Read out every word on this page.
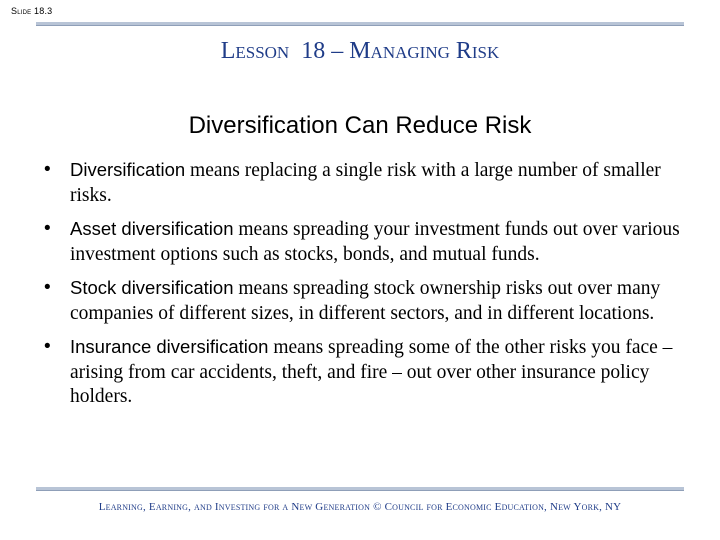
Slide 18.3
Lesson  18 – Managing Risk
Diversification Can Reduce Risk
• Diversification means replacing a single risk with a large number of smaller risks.
• Asset diversification means spreading your investment funds out over various investment options such as stocks, bonds, and mutual funds.
• Stock diversification means spreading stock ownership risks out over many companies of different sizes, in different sectors, and in different locations.
• Insurance diversification means spreading some of the other risks you face – arising from car accidents, theft, and fire – out over other insurance policy holders.
Learning, Earning, and Investing for a New Generation © Council for Economic Education, New York, NY
